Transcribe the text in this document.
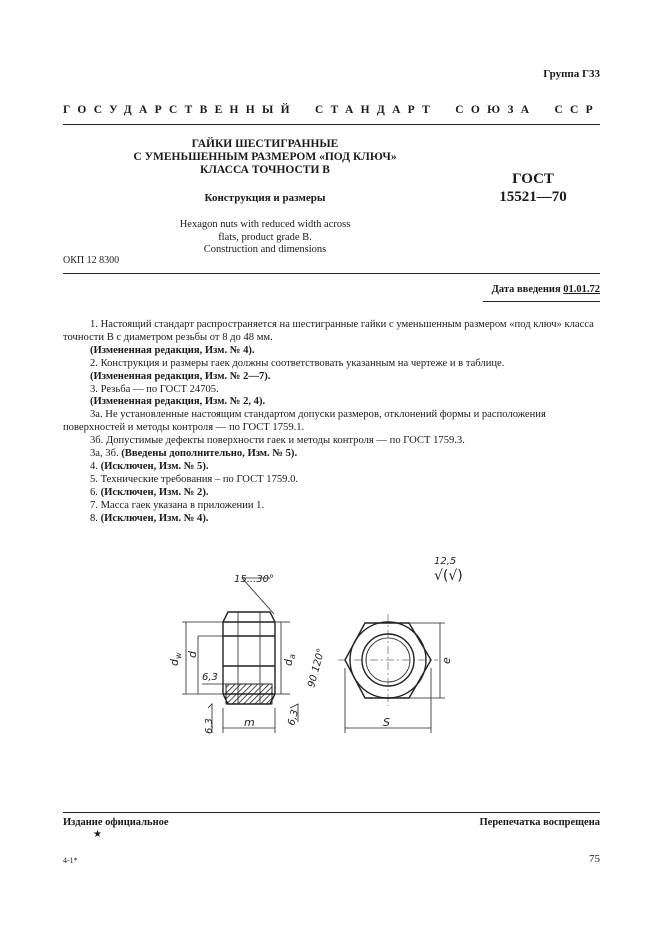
Группа Г33
ГОСУДАРСТВЕННЫЙ СТАНДАРТ СОЮЗА ССР
ГАЙКИ ШЕСТИГРАННЫЕ
С УМЕНЬШЕННЫМ РАЗМЕРОМ «ПОД КЛЮЧ»
КЛАССА ТОЧНОСТИ В
Конструкция и размеры
ГОСТ
15521—70
Hexagon nuts with reduced width across
flats, product grade B.
Construction and dimensions
ОКП 12 8300
Дата введения 01.01.72

1. Настоящий стандарт распространяется на шестигранные гайки с уменьшенным размером «под ключ» класса точности В с диаметром резьбы от 8 до 48 мм.

(Измененная редакция, Изм. № 4).

2. Конструкция и размеры гаек должны соответствовать указанным на чертеже и в таблице.

(Измененная редакция, Изм. № 2—7).

3. Резьба — по ГОСТ 24705.

(Измененная редакция, Изм. № 2, 4).

3а. Не установленные настоящим стандартом допуски размеров, отклонений формы и расположения поверхностей и методы контроля — по ГОСТ 1759.1.

3б. Допустимые дефекты поверхности гаек и методы контроля — по ГОСТ 1759.3.

3а, 3б. (Введены дополнительно, Изм. № 5).

4. (Исключен, Изм. № 5).

5. Технические требования – по ГОСТ 1759.0.

6. (Исключен, Изм. № 2).

7. Масса гаек указана в приложении 1.

8. (Исключен, Изм. № 4).

15...30°
$d_w$ d
6,3
$d_a$ 90 120°
6,3	m	6,3
e
S
12,5
√(√)
Издание официальное
★
Перепечатка воспрещена
4-1*	75
